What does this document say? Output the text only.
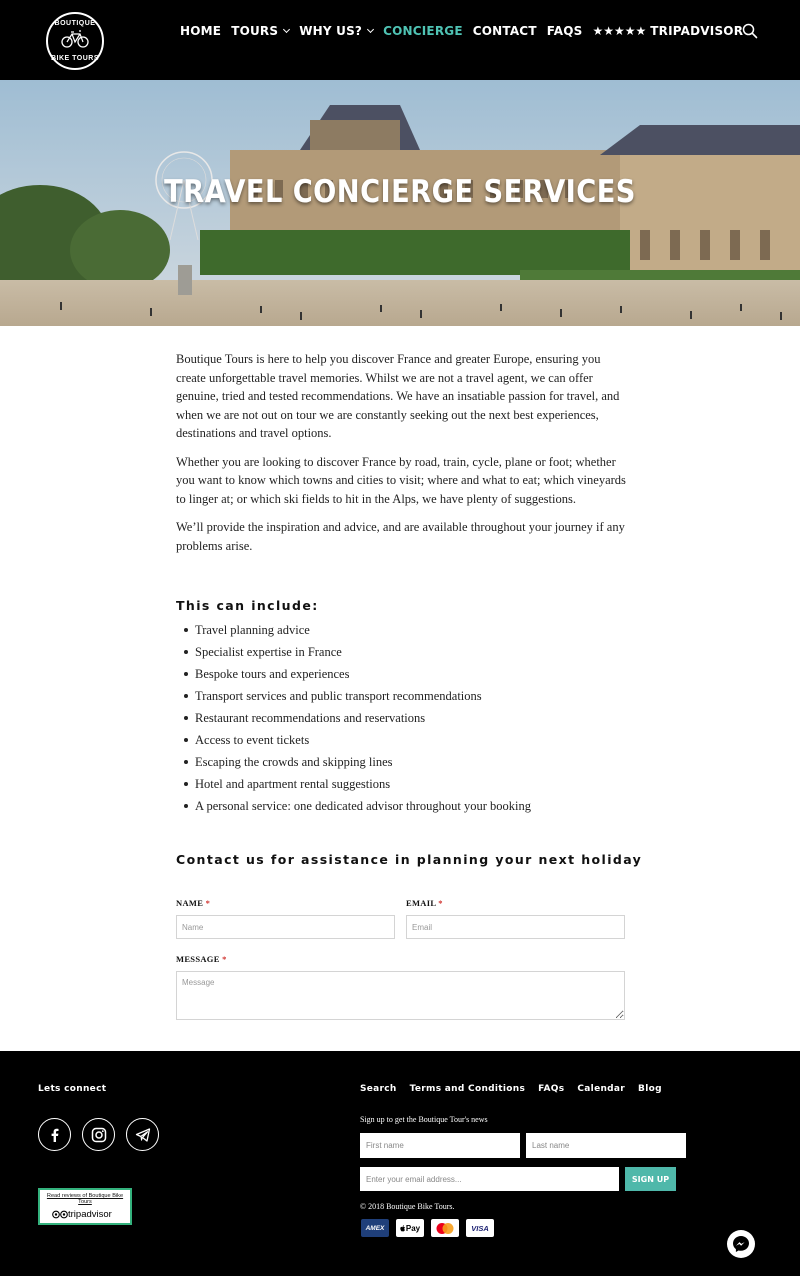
BOUTIQUE
BIKE TOURS
HOME TOURS WHY US? CONCIERGE CONTACT FAQS ★★★★★ TRIPADVISOR
TRAVEL CONCIERGE SERVICES

Boutique Tours is here to help you discover France and greater Europe, ensuring you create unforgettable travel memories. Whilst we are not a travel agent, we can offer genuine, tried and tested recommendations. We have an insatiable passion for travel, and when we are not out on tour we are constantly seeking out the next best experiences, destinations and travel options.

Whether you are looking to discover France by road, train, cycle, plane or foot; whether you want to know which towns and cities to visit; where and what to eat; which vineyards to linger at; or which ski fields to hit in the Alps, we have plenty of suggestions.

We’ll provide the inspiration and advice, and are available throughout your journey if any problems arise.

This can include:
Travel planning advice
Specialist expertise in France
Bespoke tours and experiences
Transport services and public transport recommendations
Restaurant recommendations and reservations
Access to event tickets
Escaping the crowds and skipping lines
Hotel and apartment rental suggestions
A personal service: one dedicated advisor throughout your booking
Contact us for assistance in planning your next holiday
NAME *
Name	EMAIL *
Email
MESSAGE *
Message
Lets connect
Read reviews of Boutique Bike Tours
tripadvisor
Search Terms and Conditions FAQs Calendar Blog
Sign up to get the Boutique Tour's news
First name
Last name
Enter your email address...
SIGN UP
© 2018 Boutique Bike Tours.
AMEX	Pay	VISA
